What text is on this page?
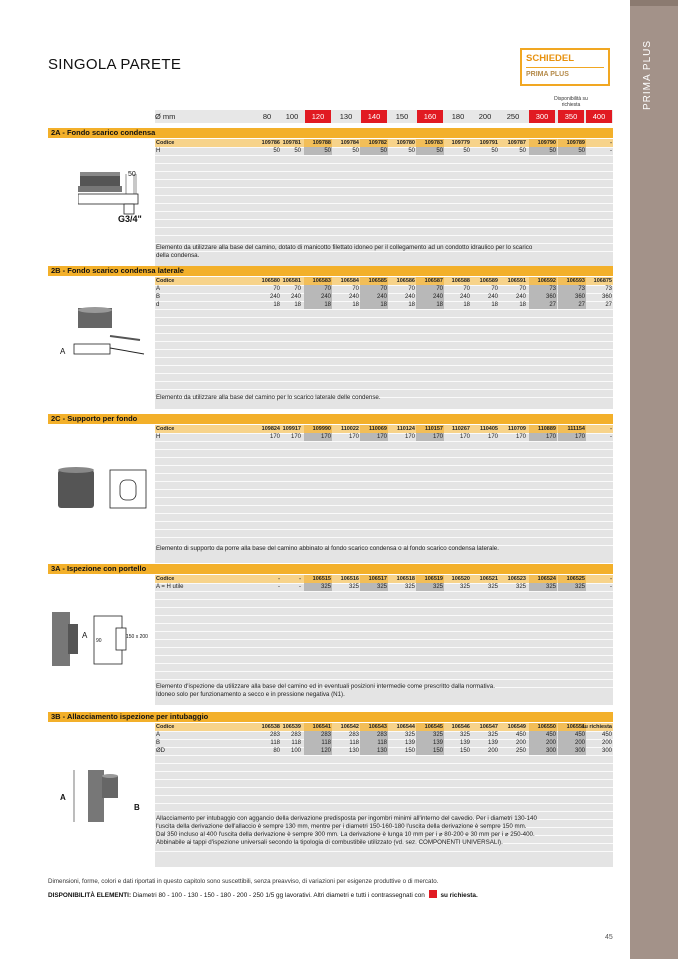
PRIMA PLUS
SINGOLA PARETE	SCHIEDEL
PRIMA PLUS
Disponibilità su richiesta
Ø mm	80	100	120	130	140	150	160	180	200	250	300	350	400
2A - Fondo scarico condensa
Codice	109786 109781	109788	109784	109782	109780	109783	109779	109791	109787	109790	109789	-
H	50	50	50	50	50	50	50	50	50	50	50	50	-
Elemento da utilizzare alla base del camino, dotato di manicotto filettato idoneo per il collegamento ad un condotto idraulico per lo scarico
della condensa.
2B - Fondo scarico condensa laterale
Codice	106580 106581	106583	106584	106585	106586	106587	106588	106589	106591	106592	106593	106875
A	70	70	70	70	70	70	70	70	70	70	73	73	73
B	240	240	240	240	240	240	240	240	240	240	360	360	360
d	18	18	18	18	18	18	18	18	18	18	27	27	27
Elemento da utilizzare alla base del camino per lo scarico laterale delle condense.
2C - Supporto per fondo
Codice	109824 109917	109990	110022	110069	110124	110157	110267	110405	110709	110889	111154	-
H	170	170	170	170	170	170	170	170	170	170	170	170	-
Elemento di supporto da porre alla base del camino abbinato al fondo scarico condensa o al fondo scarico condensa laterale.
3A - Ispezione con portello
Codice	-	-	106515	106516	106517	106518	106519	106520	106521	106523	106524	106525	-
A = H utile	-	-	325	325	325	325	325	325	325	325	325	325	-
Elemento d'ispezione da utilizzare alla base del camino ed in eventuali posizioni intermedie come prescritto dalla normativa.
Idoneo solo per funzionamento a secco e in pressione negativa (N1).
3B - Allacciamento ispezione per intubaggio
Codice	106538 106539	106541	106542	106543	106544	106545	106546	106547	106549	106550	106551
su richiesta
A	283	283	283	283	283	325	325	325	325	450	450	450	450
B	118	118	118	118	118	139	139	139	139	200	200	200	200
ØD	80	100	120	130	130	150	150	150	200	250	300	300	300
Allacciamento per intubaggio con aggancio della derivazione predisposta per ingombri minimi all'interno del cavedio. Per i diametri 130-140
l'uscita della derivazione dell'allaccio è sempre 130 mm, mentre per i diametri 150-160-180 l'uscita della derivazione è sempre 150 mm.
Dal 350 incluso al 400 l'uscita della derivazione è sempre 300 mm. La derivazione è lunga 10 mm per i ⌀ 80-200 e 30 mm per i ⌀ 250-400.
Abbinabile ai tappi d'ispezione universali secondo la tipologia di combustibile utilizzato (vd. sez. COMPONENTI UNIVERSALI).
G3/4"
50
A
A
90
150 x 200
A
B
Dimensioni, forme, colori e dati riportati in questo capitolo sono suscettibili, senza preavviso, di variazioni per esigenze produttive o di mercato.
DISPONIBILITÀ ELEMENTI: Diametri 80 - 100 - 130 - 150 - 180 - 200 - 250 1/5 gg lavorativi. Altri diametri e tutti i contrassegnati con su richiesta.
45
